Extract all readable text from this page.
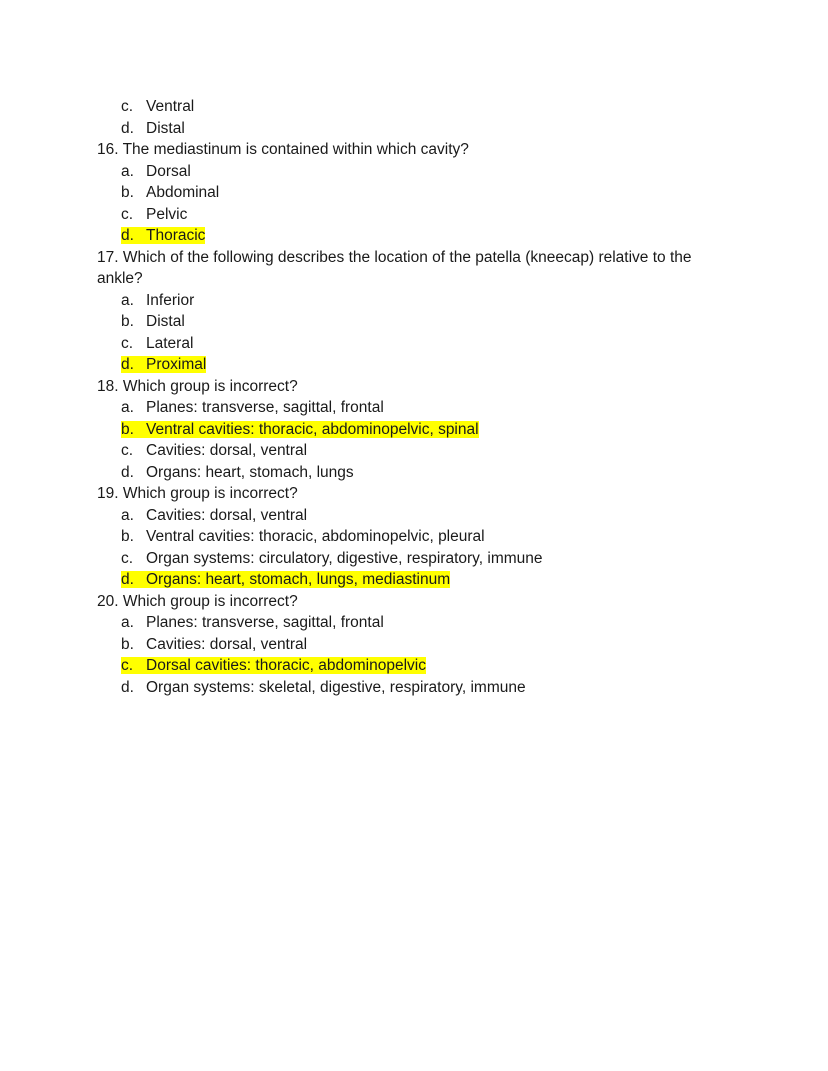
c. Ventral
d. Distal
16. The mediastinum is contained within which cavity?
a. Dorsal
b. Abdominal
c. Pelvic
d. Thoracic
17. Which of the following describes the location of the patella (kneecap) relative to the ankle?
a. Inferior
b. Distal
c. Lateral
d. Proximal
18. Which group is incorrect?
a. Planes: transverse, sagittal, frontal
b. Ventral cavities: thoracic, abdominopelvic, spinal
c. Cavities: dorsal, ventral
d. Organs: heart, stomach, lungs
19. Which group is incorrect?
a. Cavities: dorsal, ventral
b. Ventral cavities: thoracic, abdominopelvic, pleural
c. Organ systems: circulatory, digestive, respiratory, immune
d. Organs: heart, stomach, lungs, mediastinum
20. Which group is incorrect?
a. Planes: transverse, sagittal, frontal
b. Cavities: dorsal, ventral
c. Dorsal cavities: thoracic, abdominopelvic
d. Organ systems: skeletal, digestive, respiratory, immune
